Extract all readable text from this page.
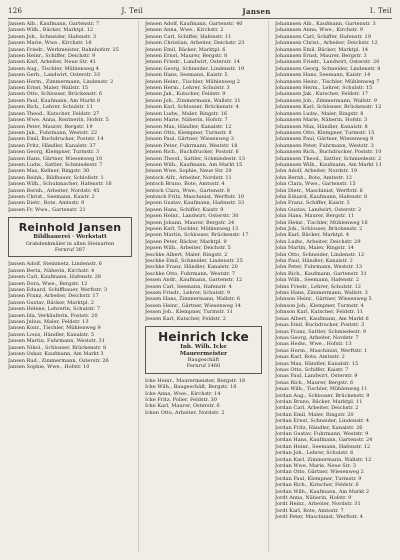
126	J. Teil	Jansen	I. Teil
Jansen Alb., Kaufmann, Gartenstr. 7
Jansen Wilh., Bäcker, Marktpl. 12
Jansen Joh., Schneider, Hafenstr. 3
Jansen Marie, Wwe., Kirchstr. 18
Jansen Friedr., Werkmeister, Bahnhofstr. 25
Jansen Heinr., Schiffer, Deichstr. 9
Jansen Karl, Arbeiter, Neue Str. 41
Jansen Aug., Tischler, Mühlenweg 4
Jansen Gerh., Landwirt, Osterstr. 33
Jansen Herm., Zimmermann, Lindenstr. 2
Jansen Ernst, Maler, Wallstr. 15
Jansen Otto, Schlosser, Brückenstr. 6
Jansen Paul, Kaufmann, Am Markt 8
Jansen Rich., Lehrer, Schulstr. 11
Jansen Theod., Kutscher, Feldstr. 27
Jansen Wwe. Anna, Rentnerin, Hofstr. 5
Jansen Peter, Maurer, Bergstr. 19
Jansen Jak., Fuhrmann, Weststr. 22
Jansen Emil, Buchdrucker, Poststr. 14
Jansen Fritz, Händler, Kanalstr. 37
Jansen Georg, Klempner, Turmstr. 3
Jansen Hans, Gärtner, Wiesenweg 10
Jansen Ludw., Sattler, Schmiedestr. 7
Jansen Max, Kellner, Ringstr. 30
Jansen Reinh., Bildhauer, Schloßstr. 1
Jansen Wilh., Schuhmacher, Hafenstr. 16
Jansen Bernh., Arbeiter, Nordstr. 45
Jansen Christ., Seemann, Kaistr. 2
Jansen Dietr., Bote, Amtsstr. 9
Jansen Fr. Wwe., Gartenstr. 21
Reinhold Jansen
Bildhauerei · Werkstatt
Grabdenkmäler in allen Steinarten
Fernruf 387
Jansen Adolf, Steinmetz, Lindenstr. 6
Jansen Berta, Näherin, Kirchstr. 4
Jansen Carl, Kaufmann, Hafenstr. 28
Jansen Dora, Wwe., Bergstr. 12
Jansen Eduard, Schiffbauer, Werftstr. 3
Jansen Franz, Arbeiter, Deichstr. 17
Jansen Gustav, Bäcker, Marktpl. 2
Jansen Helene, Lehrerin, Schulstr. 7
Jansen Ida, Verkäuferin, Poststr. 20
Jansen Julius, Maler, Feldstr. 13
Jansen Konr., Tischler, Mühlenweg 9
Jansen Louis, Händler, Kanalstr. 5
Jansen Martin, Fuhrmann, Weststr. 31
Jansen Nikol., Schlosser, Brückenstr. 8
Jansen Oskar, Kaufmann, Am Markt 3
Jansen Rud., Zimmermann, Osterstr. 26
Jansen Sophie, Wwe., Hofstr. 10
Jensen Adolf, Kaufmann, Gartenstr. 40
Jensen Anna, Wwe., Kirchstr. 2
Jensen Carl, Schiffer, Hafenstr. 11
Jensen Christian, Arbeiter, Deichstr. 23
Jensen Emil, Bäcker, Marktpl. 6
Jensen Ernst, Maurer, Bergstr. 8
Jensen Friedr., Landwirt, Osterstr. 14
Jensen Georg, Schneider, Lindenstr. 19
Jensen Hans, Seemann, Kaistr. 5
Jensen Heinr., Tischler, Mühlenweg 2
Jensen Herm., Lehrer, Schulstr. 3
Jensen Jak., Kutscher, Feldstr. 9
Jensen Joh., Zimmermann, Wallstr. 21
Jensen Karl, Schlosser, Brückenstr. 4
Jensen Ludw., Maler, Ringstr. 16
Jensen Marie, Näherin, Hofstr. 7
Jensen Max, Händler, Kanalstr. 12
Jensen Otto, Klempner, Turmstr. 8
Jensen Paul, Gärtner, Wiesenweg 3
Jensen Peter, Fuhrmann, Weststr. 18
Jensen Rich., Buchdrucker, Poststr. 6
Jensen Theod., Sattler, Schmiedestr. 13
Jensen Wilh., Kaufmann, Am Markt 15
Jensen Wwe. Sophie, Neue Str. 29
Jentsch Alfr., Arbeiter, Nordstr. 11
Jentsch Bruno, Bote, Amtsstr. 4
Jentsch Clara, Wwe., Gartenstr. 8
Jentzsch Fritz, Maschinist, Werftstr. 10
Jepsen Gustav, Kaufmann, Hafenstr. 33
Jepsen Hans, Schiffer, Kaistr. 9
Jepsen Heinr., Landwirt, Osterstr. 30
Jepsen Johann, Maurer, Bergstr. 24
Jepsen Karl, Tischler, Mühlenweg 13
Jepsen Martin, Schlosser, Brückenstr. 17
Jepsen Peter, Bäcker, Marktpl. 9
Jepsen Wilh., Arbeiter, Deichstr. 5
Jeschke Albert, Maler, Ringstr. 2
Jeschke Emil, Schneider, Lindenstr. 25
Jeschke Franz, Händler, Kanalstr. 20
Jeschke Otto, Fuhrmann, Weststr. 7
Jessen Andr., Kaufmann, Gartenstr. 12
Jessen Carl, Seemann, Hafenstr. 4
Jessen Friedr., Lehrer, Schulstr. 9
Jessen Hans, Zimmermann, Wallstr. 6
Jessen Heinr., Gärtner, Wiesenweg 14
Jessen Joh., Klempner, Turmstr. 11
Jessen Karl, Kutscher, Feldstr. 2
Heinrich Icke
Inh. Wilh. Icke
Maurermeister
Baugeschäft
Fernruf 1460
Icke Heinr., Maurermeister, Bergstr. 18
Icke Wilh., Baugeschäft, Bergstr. 18
Icke Anna, Wwe., Kirchstr. 14
Icke Fritz, Polier, Feldstr. 30
Icke Karl, Maurer, Osterstr. 6
Icken Otto, Arbeiter, Nordstr. 2
Johannsen Alb., Kaufmann, Gartenstr. 3
Johannsen Anna, Wwe., Kirchstr. 9
Johannsen Carl, Schiffer, Hafenstr. 19
Johannsen Christ., Arbeiter, Deichstr. 12
Johannsen Emil, Bäcker, Marktpl. 14
Johannsen Ernst, Maurer, Bergstr. 3
Johannsen Friedr., Landwirt, Osterstr. 20
Johannsen Georg, Schneider, Lindenstr. 8
Johannsen Hans, Seemann, Kaistr. 14
Johannsen Heinr., Tischler, Mühlenweg 7
Johannsen Herm., Lehrer, Schulstr. 15
Johannsen Jak., Kutscher, Feldstr. 17
Johannsen Joh., Zimmermann, Wallstr. 9
Johannsen Karl, Schlosser, Brückenstr. 12
Johannsen Ludw., Maler, Ringstr. 8
Johannsen Marie, Näherin, Hofstr. 3
Johannsen Max, Händler, Kanalstr. 8
Johannsen Otto, Klempner, Turmstr. 15
Johannsen Paul, Gärtner, Wiesenweg 8
Johannsen Peter, Fuhrmann, Weststr. 3
Johannsen Rich., Buchdrucker, Poststr. 10
Johannsen Theod., Sattler, Schmiedestr. 2
Johannsen Wilh., Kaufmann, Am Markt 11
John Adolf, Arbeiter, Nordstr. 19
John Bernh., Bote, Amtsstr. 12
John Clara, Wwe., Gartenstr. 15
John Dietr., Maschinist, Werftstr. 6
John Eduard, Kaufmann, Hafenstr. 8
John Franz, Schiffer, Kaistr. 3
John Gustav, Landwirt, Osterstr. 2
John Hans, Maurer, Bergstr. 11
John Heinr., Tischler, Mühlenweg 16
John Joh., Schlosser, Brückenstr. 2
John Karl, Bäcker, Marktpl. 4
John Ludw., Arbeiter, Deichstr. 29
John Martin, Maler, Ringstr. 14
John Otto, Schneider, Lindenstr. 12
John Paul, Händler, Kanalstr. 2
John Peter, Fuhrmann, Weststr. 13
John Rich., Kaufmann, Gartenstr. 31
John Wilh., Seemann, Hafenstr. 2
Johns Friedr., Lehrer, Schulstr. 12
Johns Hans, Zimmermann, Wallstr. 3
Johnson Heinr., Gärtner, Wiesenweg 5
Johnson Joh., Klempner, Turmstr. 4
Johnson Karl, Kutscher, Feldstr. 11
Jonas Albert, Kaufmann, Am Markt 6
Jonas Emil, Buchdrucker, Poststr. 3
Jonas Franz, Sattler, Schmiedestr. 9
Jonas Georg, Arbeiter, Nordstr. 7
Jonas Hedw., Wwe., Hofstr. 13
Jonas Herm., Maschinist, Werftstr. 1
Jonas Karl, Bote, Amtsstr. 2
Jonas Max, Händler, Kanalstr. 15
Jonas Otto, Schiffer, Kaistr. 7
Jonas Paul, Landwirt, Osterstr. 9
Jonas Rich., Maurer, Bergstr. 6
Jonas Wilh., Tischler, Mühlenweg 11
Jordan Aug., Schlosser, Brückenstr. 9
Jordan Bruno, Bäcker, Marktpl. 11
Jordan Carl, Arbeiter, Deichstr. 2
Jordan Emil, Maler, Ringstr. 20
Jordan Ernst, Schneider, Lindenstr. 4
Jordan Fritz, Händler, Kanalstr. 26
Jordan Gustav, Fuhrmann, Weststr. 9
Jordan Hans, Kaufmann, Gartenstr. 24
Jordan Heinr., Seemann, Hafenstr. 12
Jordan Joh., Lehrer, Schulstr. 6
Jordan Karl, Zimmermann, Wallstr. 12
Jordan Wwe. Marie, Neue Str. 3
Jordan Otto, Gärtner, Wiesenweg 2
Jordan Paul, Klempner, Turmstr. 9
Jordan Rich., Kutscher, Feldstr. 6
Jordan Wilh., Kaufmann, Am Markt 2
Jordt Anna, Näherin, Hofstr. 9
Jordt Heinr., Arbeiter, Nordstr. 31
Jordt Karl, Bote, Amtsstr. 7
Jordt Peter, Maschinist, Werftstr. 4
